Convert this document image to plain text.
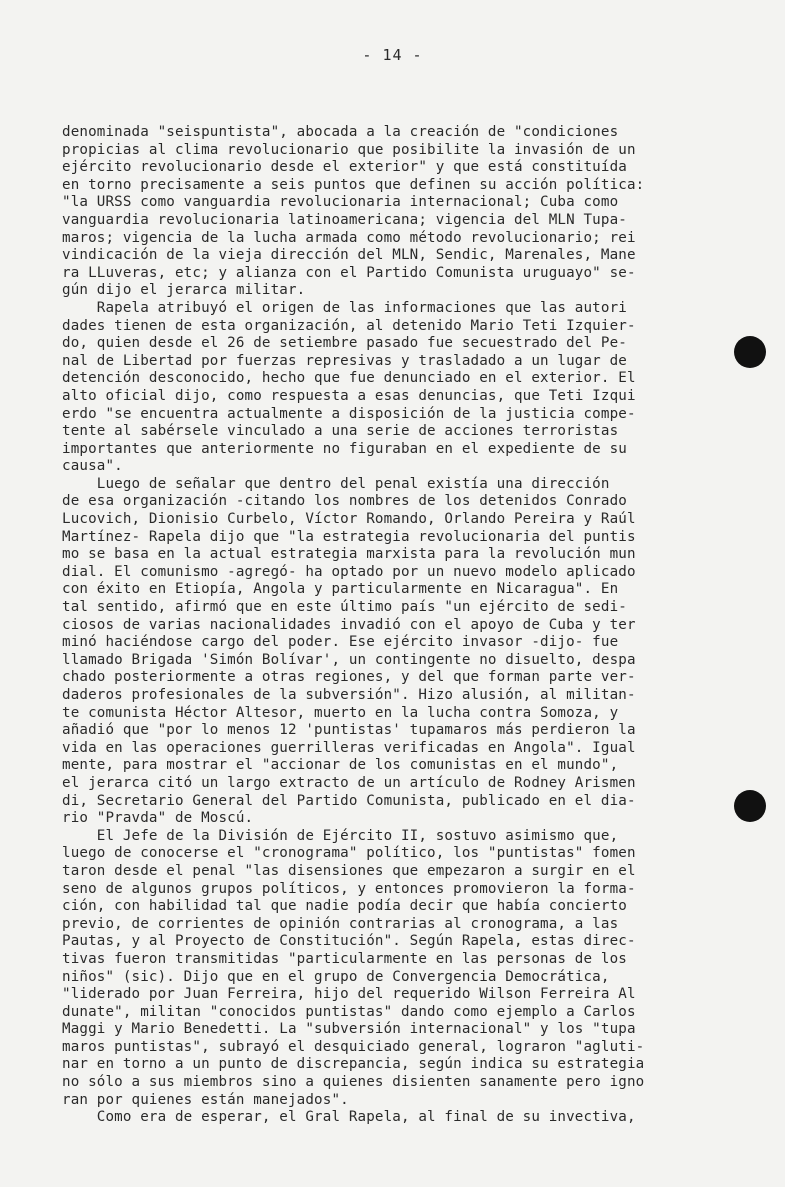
- 14 -
denominada "seispuntista", abocada a la creación de "condiciones
propicias al clima revolucionario que posibilite la invasión de un
ejército revolucionario desde el exterior" y que está constituída
en torno precisamente a seis puntos que definen su acción política:
"la URSS como vanguardia revolucionaria internacional; Cuba como
vanguardia revolucionaria latinoamericana; vigencia del MLN Tupa-
maros; vigencia de la lucha armada como método revolucionario; rei
vindicación de la vieja dirección del MLN, Sendic, Marenales, Mane
ra LLuveras, etc; y alianza con el Partido Comunista uruguayo" se-
gún dijo el jerarca militar.
Rapela atribuyó el origen de las informaciones que las autori
dades tienen de esta organización, al detenido Mario Teti Izquier-
do, quien desde el 26 de setiembre pasado fue secuestrado del Pe-
nal de Libertad por fuerzas represivas y trasladado a un lugar de
detención desconocido, hecho que fue denunciado en el exterior. El
alto oficial dijo, como respuesta a esas denuncias, que Teti Izqui
erdo "se encuentra actualmente a disposición de la justicia compe-
tente al sabérsele vinculado a una serie de acciones terroristas
importantes que anteriormente no figuraban en el expediente de su
causa".
Luego de señalar que dentro del penal existía una dirección
de esa organización -citando los nombres de los detenidos Conrado
Lucovich, Dionisio Curbelo, Víctor Romando, Orlando Pereira y Raúl
Martínez- Rapela dijo que "la estrategia revolucionaria del puntis
mo se basa en la actual estrategia marxista para la revolución mun
dial. El comunismo -agregó- ha optado por un nuevo modelo aplicado
con éxito en Etiopía, Angola y particularmente en Nicaragua". En
tal sentido, afirmó que en este último país "un ejército de sedi-
ciosos de varias nacionalidades invadió con el apoyo de Cuba y ter
minó haciéndose cargo del poder. Ese ejército invasor -dijo- fue
llamado Brigada 'Simón Bolívar', un contingente no disuelto, despa
chado posteriormente a otras regiones, y del que forman parte ver-
daderos profesionales de la subversión". Hizo alusión, al militan-
te comunista Héctor Altesor, muerto en la lucha contra Somoza, y
añadió que "por lo menos 12 'puntistas' tupamaros más perdieron la
vida en las operaciones guerrilleras verificadas en Angola". Igual
mente, para mostrar el "accionar de los comunistas en el mundo",
el jerarca citó un largo extracto de un artículo de Rodney Arismen
di, Secretario General del Partido Comunista, publicado en el dia-
rio "Pravda" de Moscú.
El Jefe de la División de Ejército II, sostuvo asimismo que,
luego de conocerse el "cronograma" político, los "puntistas" fomen
taron desde el penal "las disensiones que empezaron a surgir en el
seno de algunos grupos políticos, y entonces promovieron la forma-
ción, con habilidad tal que nadie podía decir que había concierto
previo, de corrientes de opinión contrarias al cronograma, a las
Pautas, y al Proyecto de Constitución". Según Rapela, estas direc-
tivas fueron transmitidas "particularmente en las personas de los
niños" (sic). Dijo que en el grupo de Convergencia Democrática,
"liderado por Juan Ferreira, hijo del requerido Wilson Ferreira Al
dunate", militan "conocidos puntistas" dando como ejemplo a Carlos
Maggi y Mario Benedetti. La "subversión internacional" y los "tupa
maros puntistas", subrayó el desquiciado general, lograron "agluti-
nar en torno a un punto de discrepancia, según indica su estrategia
no sólo a sus miembros sino a quienes disienten sanamente pero igno
ran por quienes están manejados".
Como era de esperar, el Gral Rapela, al final de su invectiva,
